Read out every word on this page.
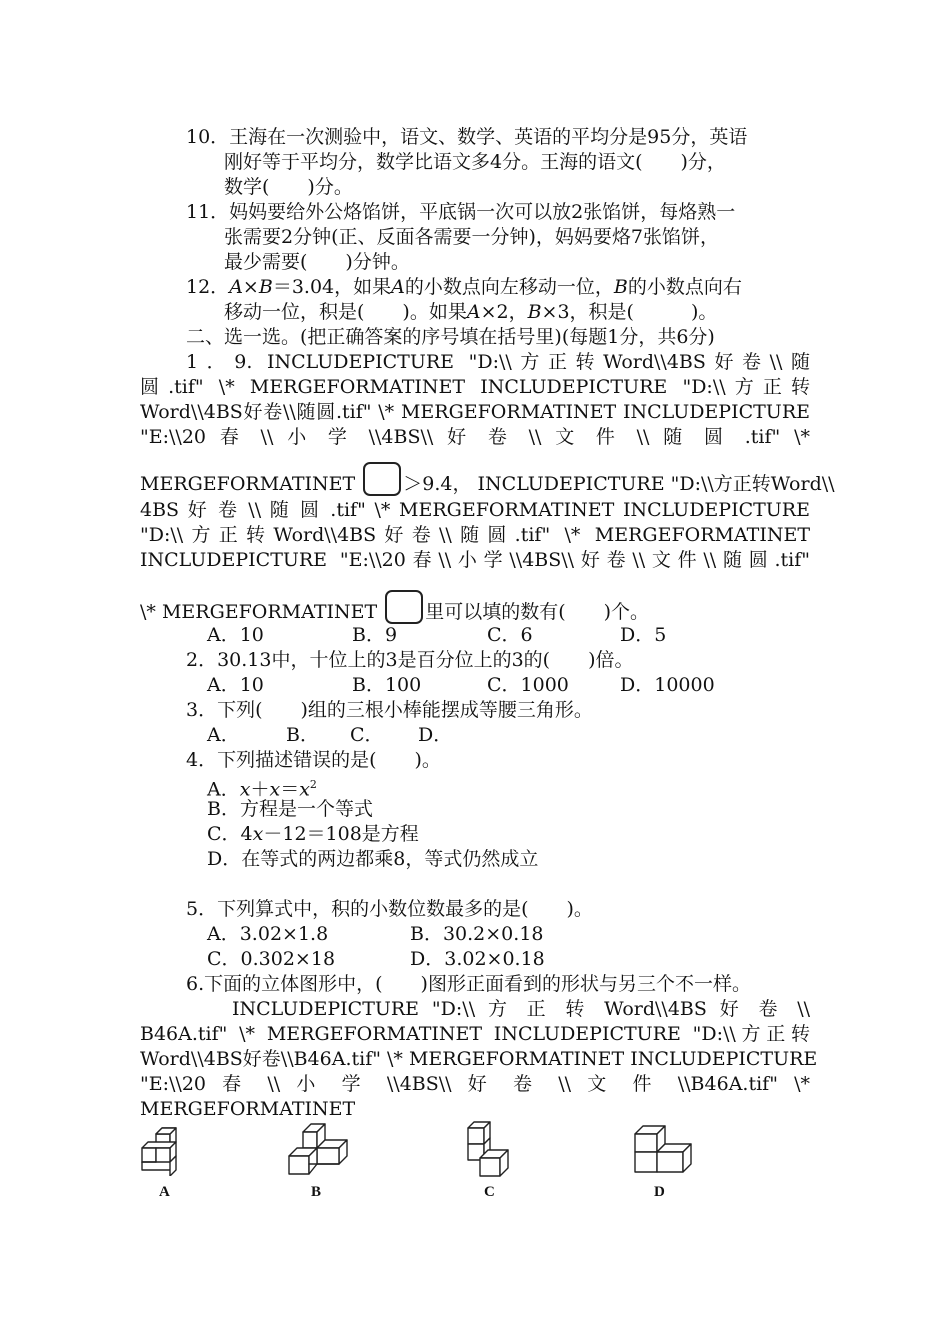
10．王海在一次测验中，语文、数学、英语的平均分是95分，英语
刚好等于平均分，数学比语文多4分。王海的语文(　　)分，
数学(　　)分。
11．妈妈要给外公烙馅饼，平底锅一次可以放2张馅饼，每烙熟一
张需要2分钟(正、反面各需要一分钟)，妈妈要烙7张馅饼，
最少需要(　　)分钟。
12．A×B＝3.04，如果A的小数点向左移动一位，B的小数点向右
移动一位，积是(　　)。如果A×2，B×3，积是(　　　)。
二、选一选。(把正确答案的序号填在括号里)(每题1分，共6分)
1．9. INCLUDEPICTURE "D:\\方正转Word\\4BS好卷\\随
圆.tif" \* MERGEFORMATINET INCLUDEPICTURE "D:\\方正转
Word\\4BS好卷\\随圆.tif" \* MERGEFORMATINET INCLUDEPICTURE
"E:\\20 春 \\ 小 学 \\4BS\\ 好 卷 \\ 文 件 \\ 随 圆 .tif" \*
MERGEFORMATINET	＞9.4， INCLUDEPICTURE "D:\\方正转Word\\
4BS 好 卷 \\ 随 圆 .tif" \* MERGEFORMATINET INCLUDEPICTURE
"D:\\方正转Word\\4BS好卷\\随圆.tif" \* MERGEFORMATINET
INCLUDEPICTURE "E:\\20春\\小学\\4BS\\好卷\\文件\\随圆.tif"
\* MERGEFORMATINET	里可以填的数有(　　)个。
A．10	B．9	C．6	D．5
2．30.13中，十位上的3是百分位上的3的(　　)倍。
A．10	B．100	C．1000	D．10000
3．下列(　　)组的三根小棒能摆成等腰三角形。
A． B． C． D．
4．下列描述错误的是(　　)。
A．$x+x=x^2$
B．方程是一个等式
C．4x－12＝108是方程
D．在等式的两边都乘8，等式仍然成立
5．下列算式中，积的小数位数最多的是(　　)。
A．3.02×1.8	B．30.2×0.18
C．0.302×18	D．3.02×0.18
6.下面的立体图形中，(　　)图形正面看到的形状与另三个不一样。
INCLUDEPICTURE "D:\\ 方 正 转 Word\\4BS 好 卷 \\
B46A.tif" \* MERGEFORMATINET INCLUDEPICTURE "D:\\方正转
Word\\4BS好卷\\B46A.tif" \* MERGEFORMATINET INCLUDEPICTURE
"E:\\20 春 \\ 小 学 \\4BS\\ 好 卷 \\ 文 件 \\B46A.tif" \*
MERGEFORMATINET
A	B	C	D
